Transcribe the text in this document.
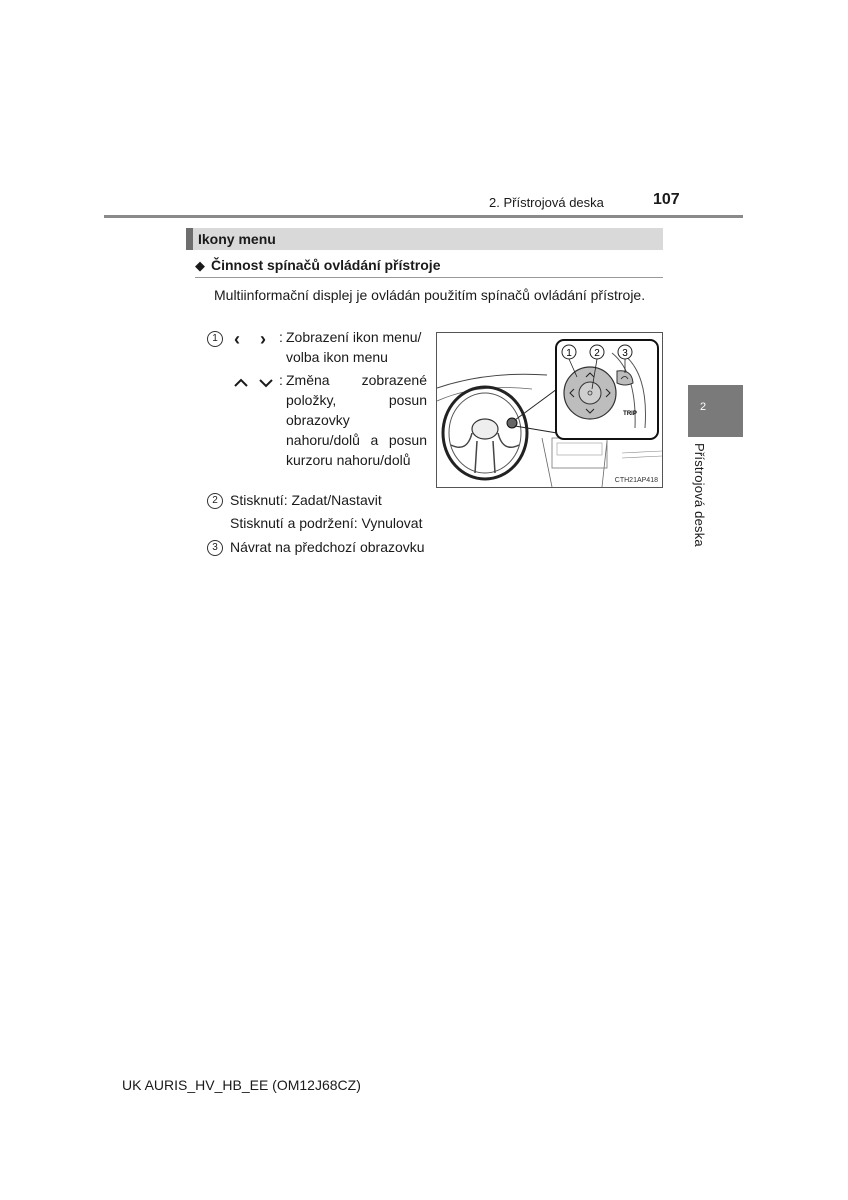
2. Přístrojová deska	107
2
Přístrojová deska
Ikony menu
◆ Činnost spínačů ovládání přístroje
Multiinformační displej je ovládán použitím spínačů ovládání přístroje.
1 ‹ › : Zobrazení ikon menu/
volba ikon menu
: Změna zobrazené položky, posun obrazovky nahoru/dolů a posun kurzoru nahoru/dolů
1 2 3
TRIP
CTH21AP418
2 Stisknutí: Zadat/Nastavit
Stisknutí a podržení: Vynulovat
3 Návrat na předchozí obrazovku
UK AURIS_HV_HB_EE (OM12J68CZ)
